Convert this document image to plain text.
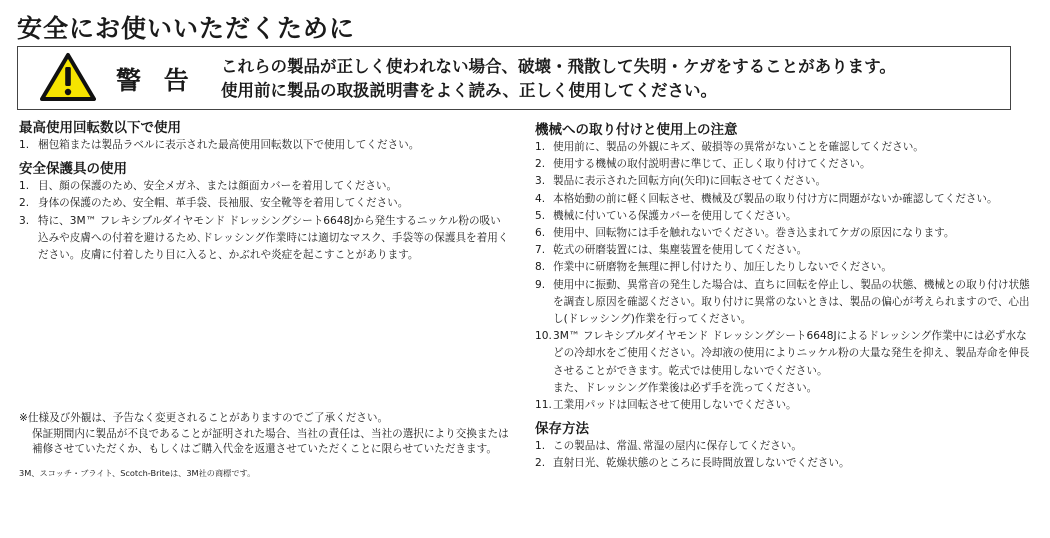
安全にお使いいただくために
警 告 これらの製品が正しく使われない場合、破壊・飛散して失明・ケガをすることがあります。
使用前に製品の取扱説明書をよく読み、正しく使用してください。
最高使用回転数以下で使用
1. 梱包箱または製品ラベルに表示された最高使用回転数以下で使用してください。
安全保護具の使用
1. 目、顔の保護のため、安全メガネ、または顔面カバーを着用してください。
2. 身体の保護のため、安全帽、革手袋、長袖服、安全靴等を着用してください。
3. 特に、3M™ フレキシブルダイヤモンド ドレッシングシート6648Jから発生するニッケル粉の吸い込みや皮膚への付着を避けるため､ドレッシング作業時には適切なマスク、手袋等の保護具を着用ください。皮膚に付着したり目に入ると、かぶれや炎症を起こすことがあります。

※仕様及び外観は、予告なく変更されることがありますのでご了承ください。

保証期間内に製品が不良であることが証明された場合、当社の責任は、当社の選択により交換または補修させていただくか、もしくはご購入代金を返還させていただくことに限らせていただきます。

3M、スコッチ・ブライト、Scotch-Briteは、3M社の商標です。
機械への取り付けと使用上の注意
1. 使用前に、製品の外観にキズ、破損等の異常がないことを確認してください。
2. 使用する機械の取付説明書に準じて、正しく取り付けてください。
3. 製品に表示された回転方向(矢印)に回転させてください。
4. 本格始動の前に軽く回転させ、機械及び製品の取り付け方に問題がないか確認してください。
5. 機械に付いている保護カバーを使用してください。
6. 使用中、回転物には手を触れないでください。巻き込まれてケガの原因になります。
7. 乾式の研磨装置には、集塵装置を使用してください。
8. 作業中に研磨物を無理に押し付けたり、加圧したりしないでください。
9. 使用中に振動、異常音の発生した場合は、直ちに回転を停止し、製品の状態、機械との取り付け状態を調査し原因を確認ください。取り付けに異常のないときは、製品の偏心が考えられますので、心出し(ドレッシング)作業を行ってください。
10. 3M™ フレキシブルダイヤモンド ドレッシングシート6648Jによるドレッシング作業中には必ず水などの冷却水をご使用ください。冷却液の使用によりニッケル粉の大量な発生を抑え、製品寿命を伸長させることができます。乾式では使用しないでください。
また、ドレッシング作業後は必ず手を洗ってください。
11. 工業用パッドは回転させて使用しないでください。
保存方法
1. この製品は、常温､常湿の屋内に保存してください。
2. 直射日光、乾燥状態のところに長時間放置しないでください。
